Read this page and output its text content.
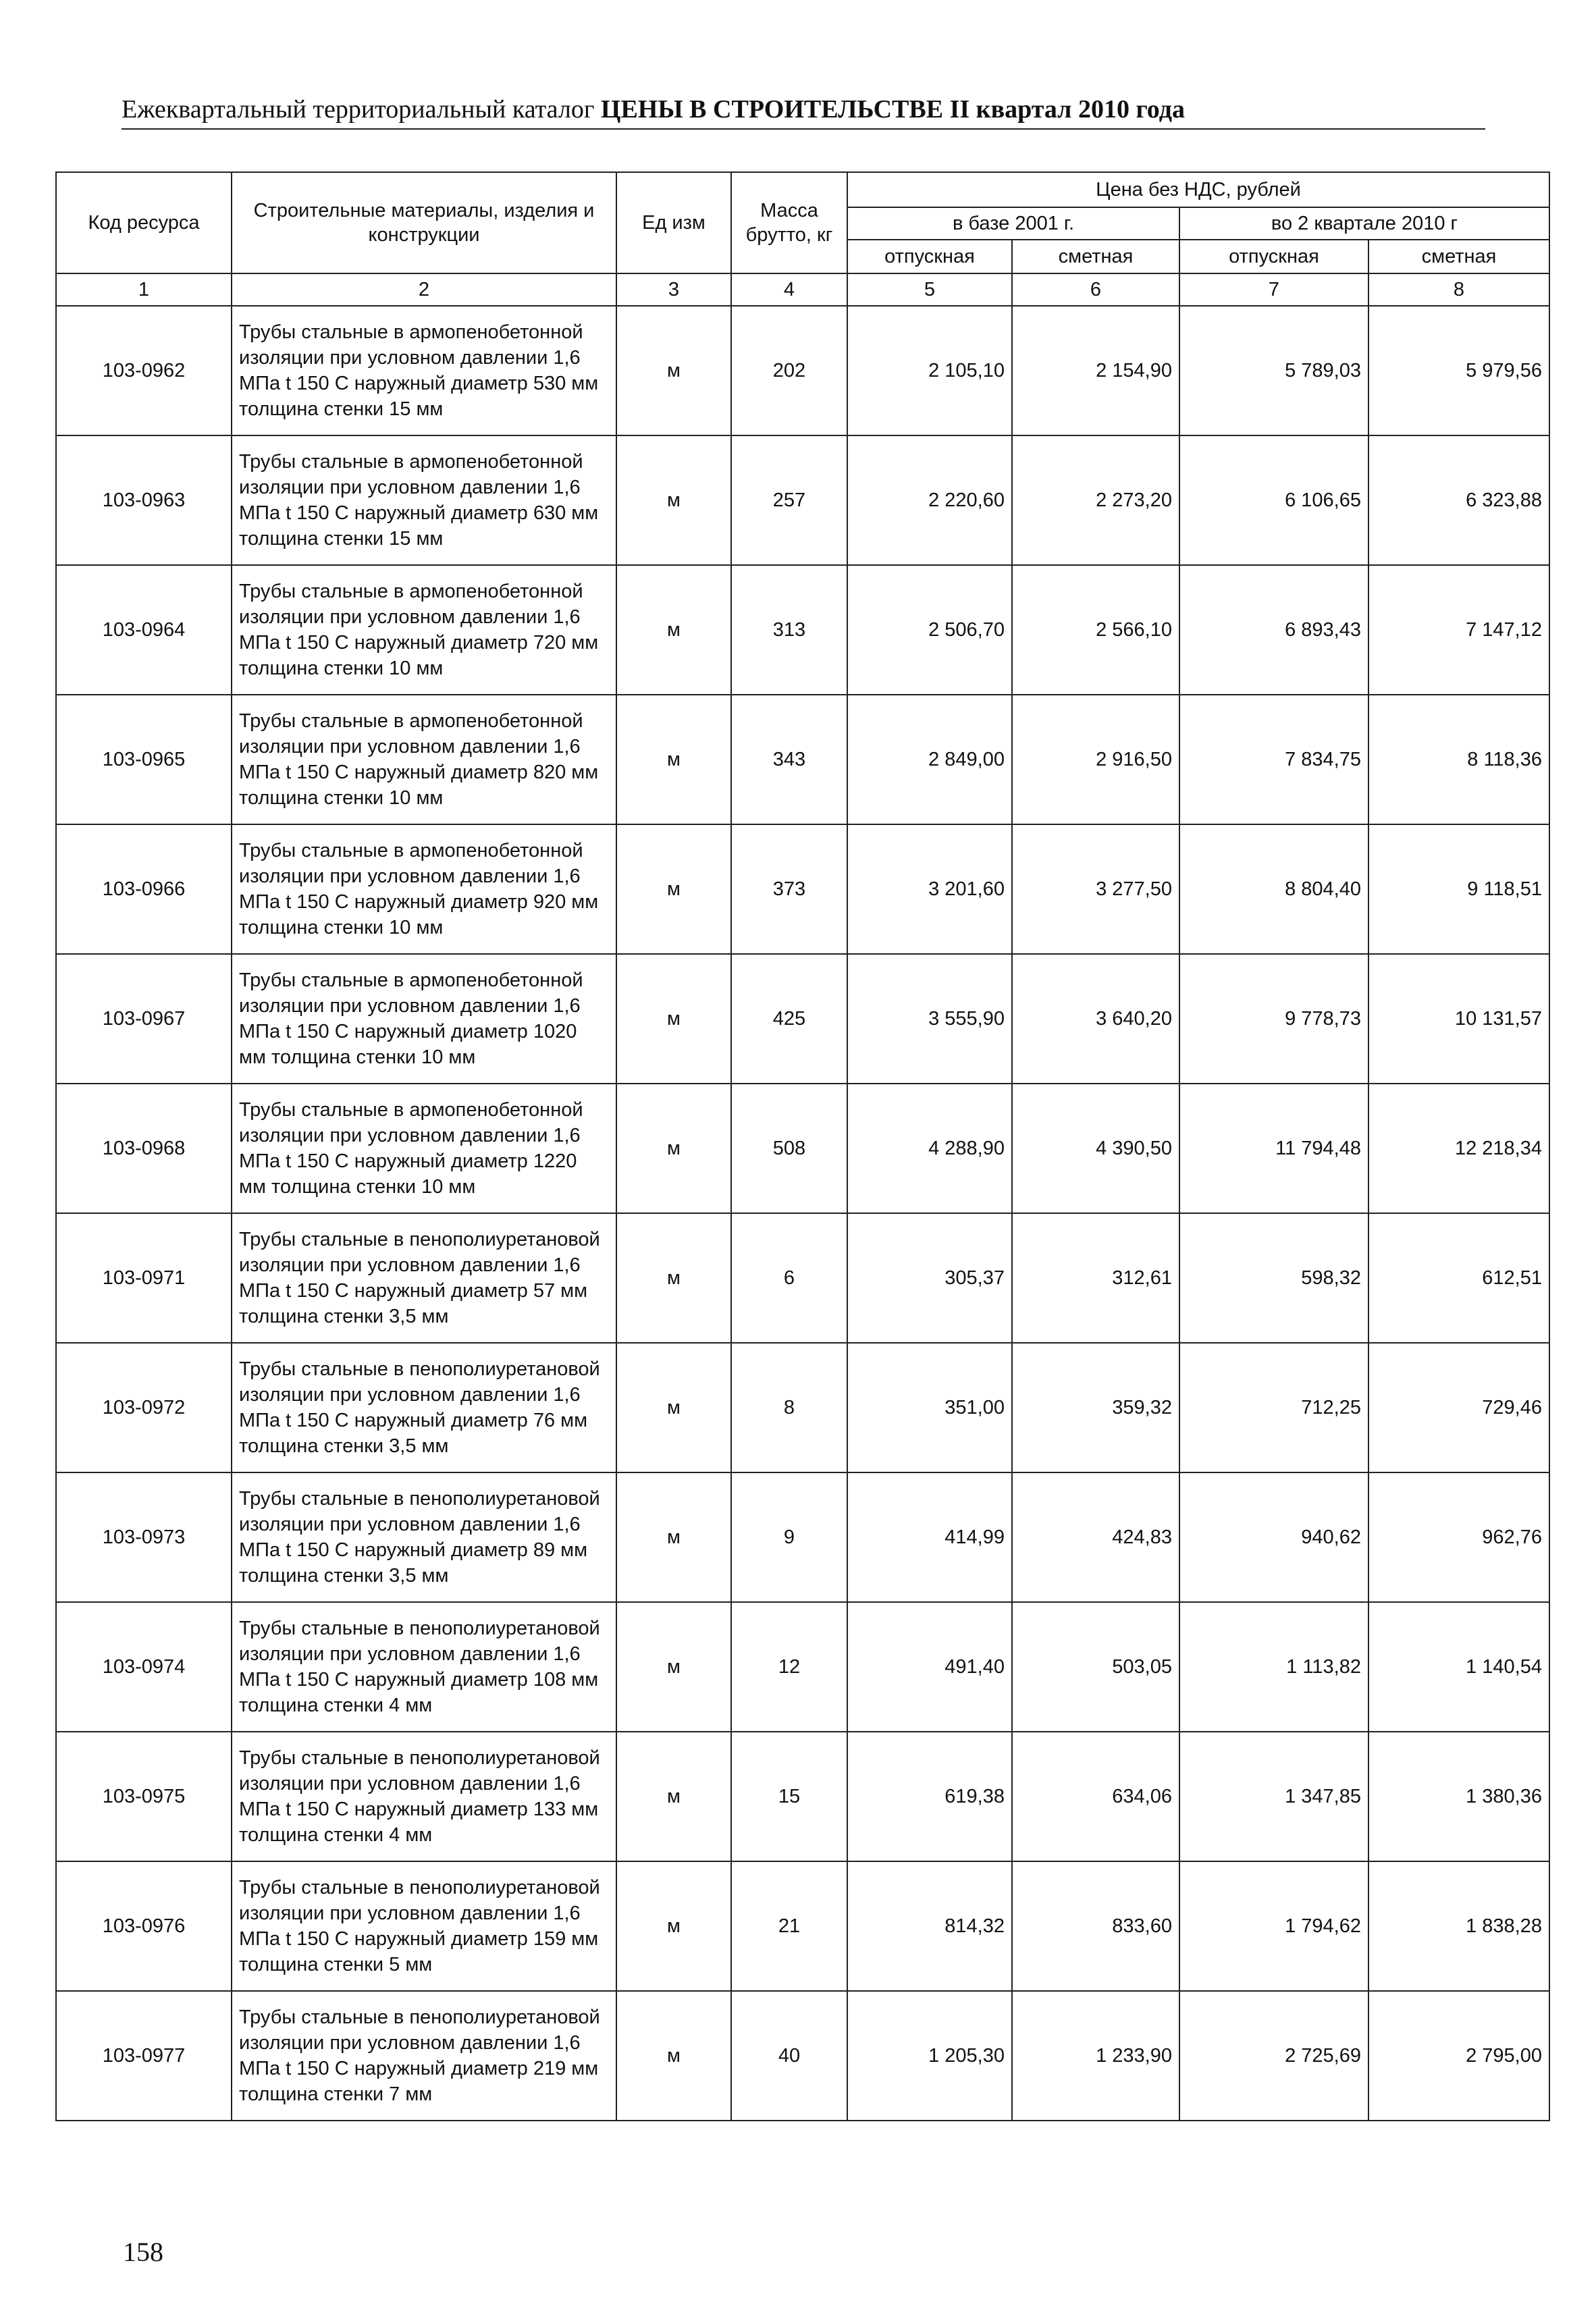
Ежеквартальный территориальный каталог ЦЕНЫ В СТРОИТЕЛЬСТВЕ II квартал 2010 года
Код ресурса	Строительные материалы, изделия и конструкции	Ед изм	Масса брутто, кг	Цена без НДС, рублей			
				в базе 2001 г.		во 2 квартале 2010 г	
				отпускная	сметная	отпускная	сметная
1	2	3	4	5	6	7	8
103-0962	Трубы стальные в армопенобетонной изоляции при условном давлении 1,6 МПа t 150 С наружный диаметр 530 мм толщина стенки 15 мм	м	202	2 105,10	2 154,90	5 789,03	5 979,56
103-0963	Трубы стальные в армопенобетонной изоляции при условном давлении 1,6 МПа t 150 С наружный диаметр 630 мм толщина стенки 15 мм	м	257	2 220,60	2 273,20	6 106,65	6 323,88
103-0964	Трубы стальные в армопенобетонной изоляции при условном давлении 1,6 МПа t 150 С наружный диаметр 720 мм толщина стенки 10 мм	м	313	2 506,70	2 566,10	6 893,43	7 147,12
103-0965	Трубы стальные в армопенобетонной изоляции при условном давлении 1,6 МПа t 150 С наружный диаметр 820 мм толщина стенки 10 мм	м	343	2 849,00	2 916,50	7 834,75	8 118,36
103-0966	Трубы стальные в армопенобетонной изоляции при условном давлении 1,6 МПа t 150 С наружный диаметр 920 мм толщина стенки 10 мм	м	373	3 201,60	3 277,50	8 804,40	9 118,51
103-0967	Трубы стальные в армопенобетонной изоляции при условном давлении 1,6 МПа t 150 С наружный диаметр 1020 мм толщина стенки 10 мм	м	425	3 555,90	3 640,20	9 778,73	10 131,57
103-0968	Трубы стальные в армопенобетонной изоляции при условном давлении 1,6 МПа t 150 С наружный диаметр 1220 мм толщина стенки 10 мм	м	508	4 288,90	4 390,50	11 794,48	12 218,34
103-0971	Трубы стальные в пенополиуретановой изоляции при условном давлении 1,6 МПа t 150 С наружный диаметр 57 мм толщина стенки 3,5 мм	м	6	305,37	312,61	598,32	612,51
103-0972	Трубы стальные в пенополиуретановой изоляции при условном давлении 1,6 МПа t 150 С наружный диаметр 76 мм толщина стенки 3,5 мм	м	8	351,00	359,32	712,25	729,46
103-0973	Трубы стальные в пенополиуретановой изоляции при условном давлении 1,6 МПа t 150 С наружный диаметр 89 мм толщина стенки 3,5 мм	м	9	414,99	424,83	940,62	962,76
103-0974	Трубы стальные в пенополиуретановой изоляции при условном давлении 1,6 МПа t 150 С наружный диаметр 108 мм толщина стенки 4 мм	м	12	491,40	503,05	1 113,82	1 140,54
103-0975	Трубы стальные в пенополиуретановой изоляции при условном давлении 1,6 МПа t 150 С наружный диаметр 133 мм толщина стенки 4 мм	м	15	619,38	634,06	1 347,85	1 380,36
103-0976	Трубы стальные в пенополиуретановой изоляции при условном давлении 1,6 МПа t 150 С наружный диаметр 159 мм толщина стенки 5 мм	м	21	814,32	833,60	1 794,62	1 838,28
103-0977	Трубы стальные в пенополиуретановой изоляции при условном давлении 1,6 МПа t 150 С наружный диаметр 219 мм толщина стенки 7 мм	м	40	1 205,30	1 233,90	2 725,69	2 795,00
158
